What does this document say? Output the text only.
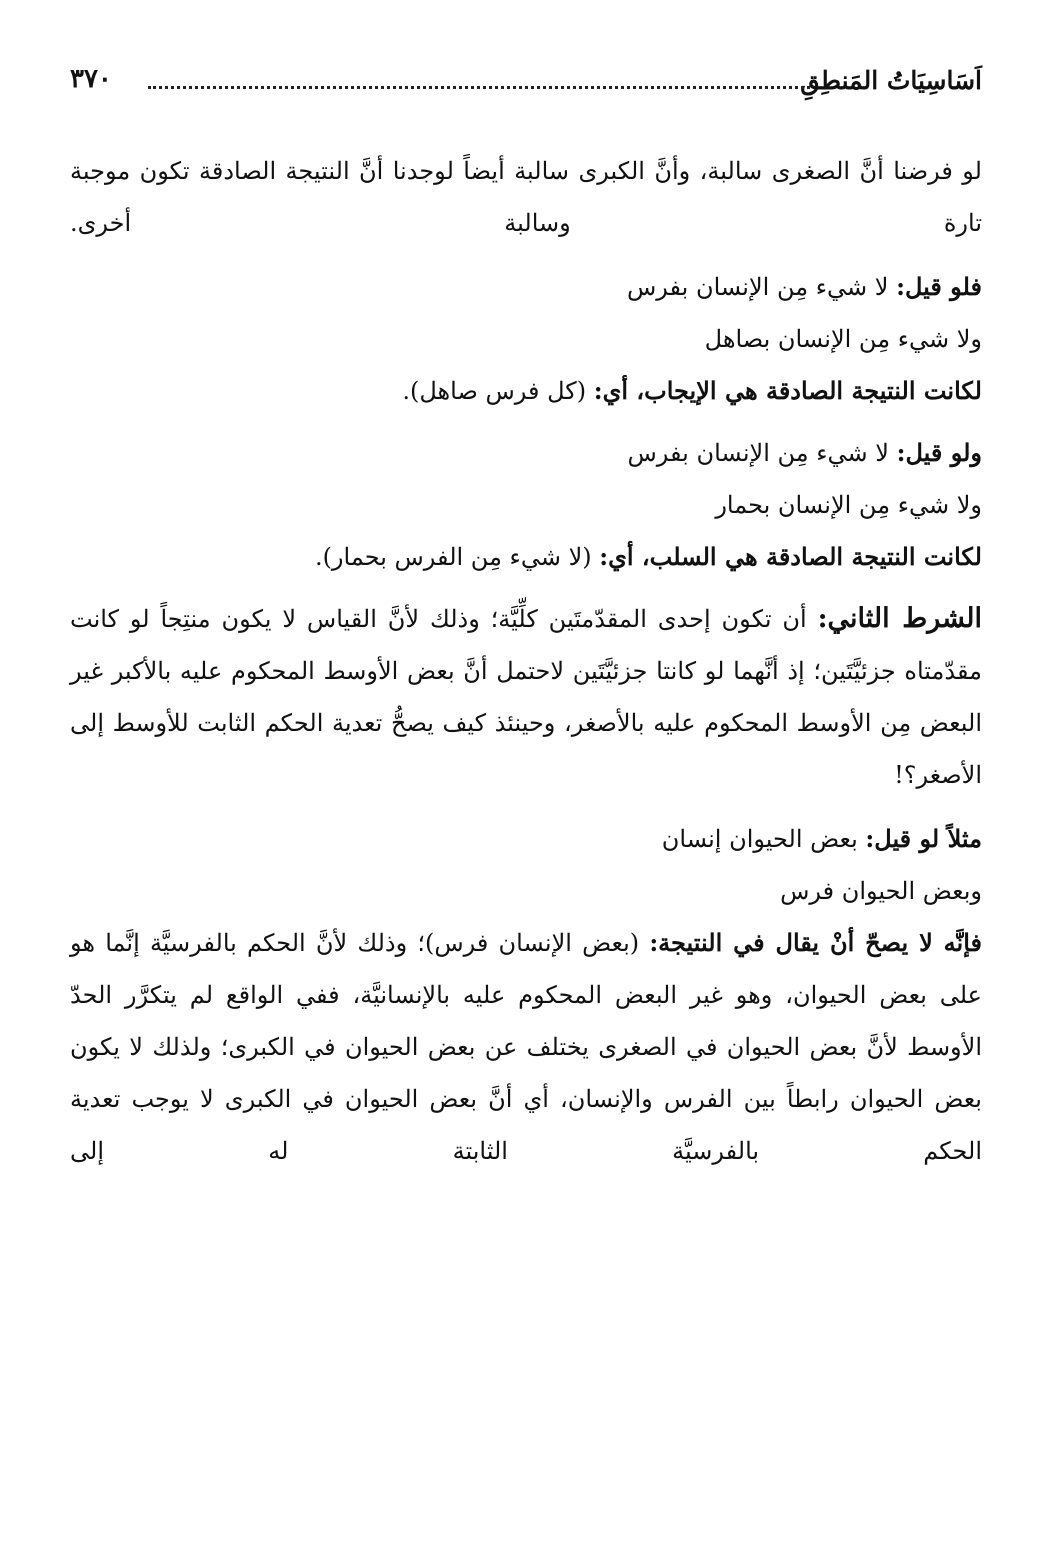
اَسَاسِيَاتُ المَنطِقِ
٣٧٠

لو فرضنا أنَّ الصغرى سالبة، وأنَّ الكبرى سالبة أيضاً لوجدنا أنَّ النتيجة الصادقة تكون موجبة تارة وسالبة أخرى.

فلو قيل: لا شيء مِن الإنسان بفرس
ولا شيء مِن الإنسان بصاهل
لكانت النتيجة الصادقة هي الإيجاب، أي: (كل فرس صاهل).
ولو قيل: لا شيء مِن الإنسان بفرس
ولا شيء مِن الإنسان بحمار
لكانت النتيجة الصادقة هي السلب، أي: (لا شيء مِن الفرس بحمار).

الشرط الثاني: أن تكون إحدى المقدّمتَين كلِّيَّة؛ وذلك لأنَّ القياس لا يكون منتِجاً لو كانت مقدّمتاه جزئيَّتَين؛ إذ أنَّهما لو كانتا جزئيَّتَين لاحتمل أنَّ بعض الأوسط المحكوم عليه بالأكبر غير البعض مِن الأوسط المحكوم عليه بالأصغر، وحينئذ كيف يصحُّ تعدية الحكم الثابت للأوسط إلى الأصغر؟!

مثلاً لو قيل: بعض الحيوان إنسان
وبعض الحيوان فرس

فإنَّه لا يصحّ أنْ يقال في النتيجة: (بعض الإنسان فرس)؛ وذلك لأنَّ الحكم بالفرسيَّة إنَّما هو على بعض الحيوان، وهو غير البعض المحكوم عليه بالإنسانيَّة، ففي الواقع لم يتكرَّر الحدّ الأوسط لأنَّ بعض الحيوان في الصغرى يختلف عن بعض الحيوان في الكبرى؛ ولذلك لا يكون بعض الحيوان رابطاً بين الفرس والإنسان، أي أنَّ بعض الحيوان في الكبرى لا يوجب تعدية الحكم بالفرسيَّة الثابتة له إلى
